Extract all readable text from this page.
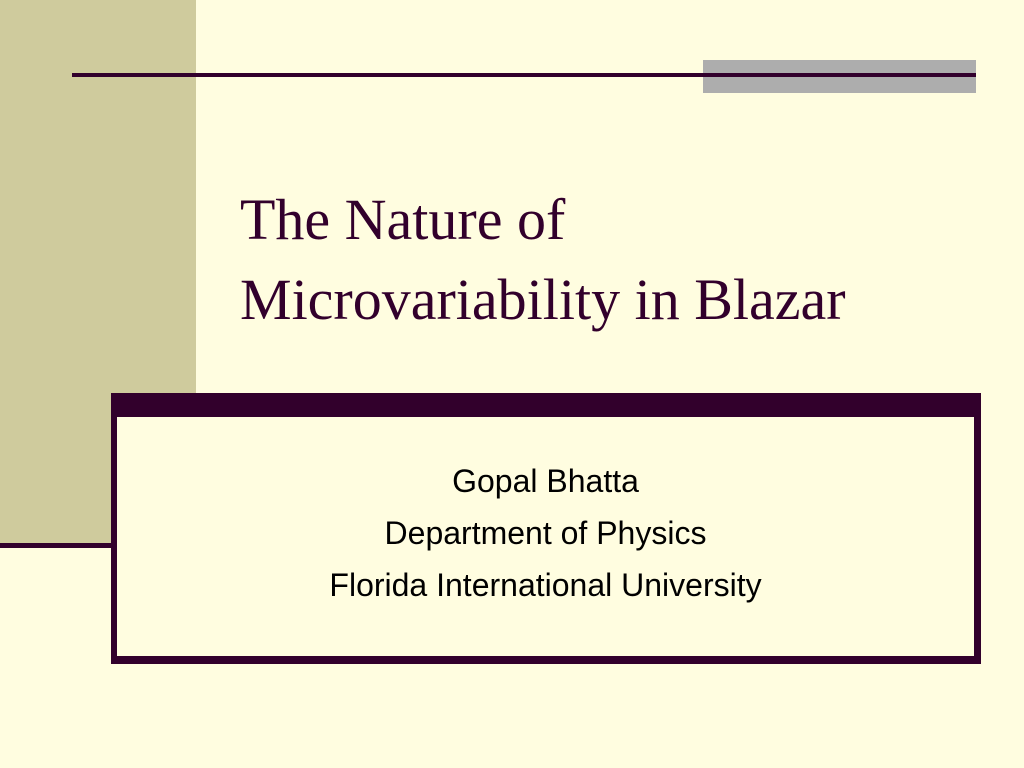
The Nature of
Microvariability in Blazar
Gopal Bhatta
Department of Physics
Florida International University
